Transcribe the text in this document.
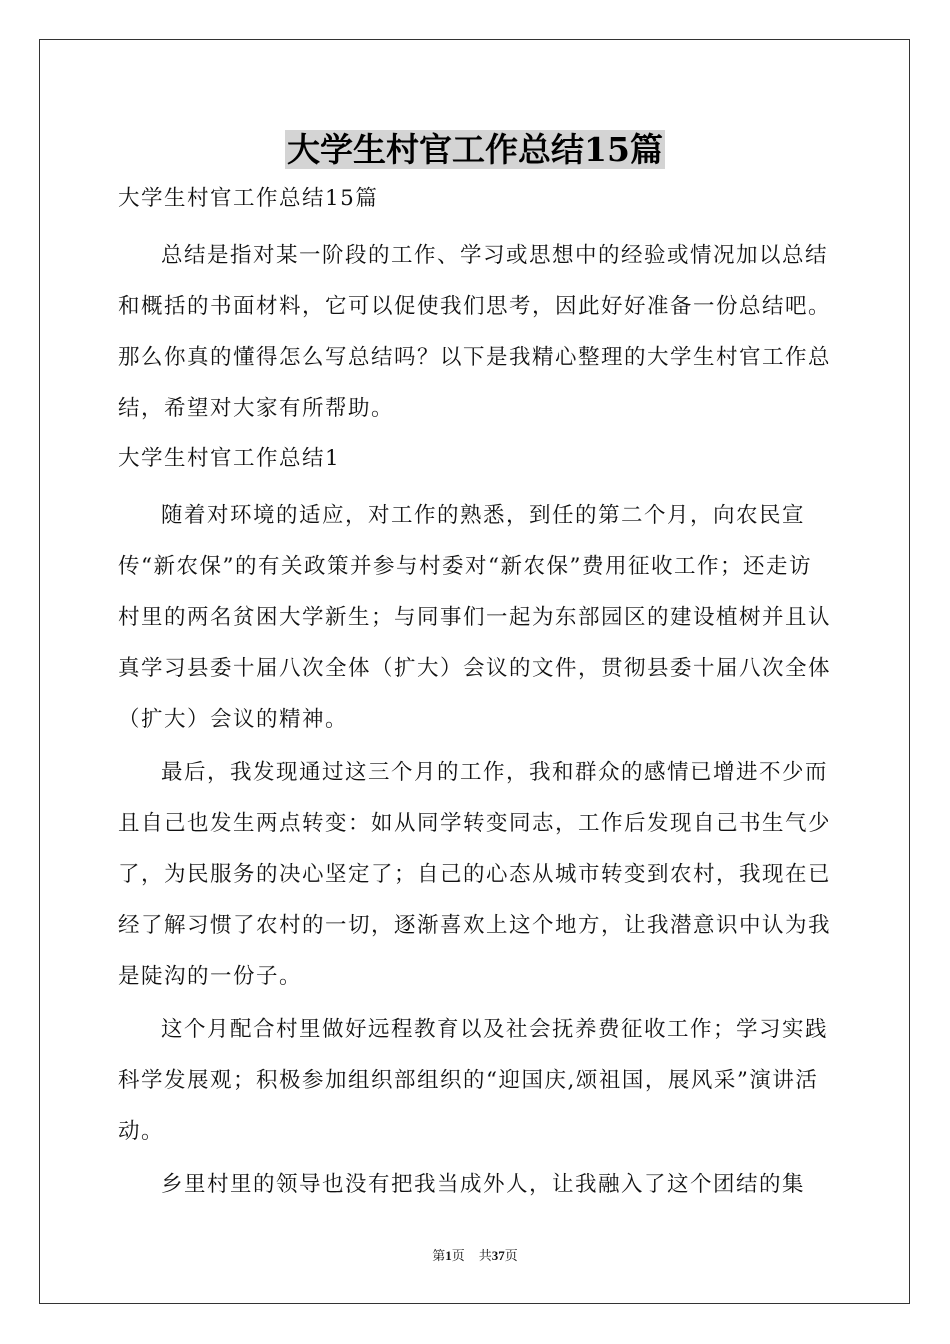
大学生村官工作总结15篇

大学生村官工作总结15篇

总结是指对某一阶段的工作、学习或思想中的经验或情况加以总结和概括的书面材料，它可以促使我们思考，因此好好准备一份总结吧。那么你真的懂得怎么写总结吗？以下是我精心整理的大学生村官工作总结，希望对大家有所帮助。

大学生村官工作总结1

随着对环境的适应，对工作的熟悉，到任的第二个月，向农民宣传“新农保”的有关政策并参与村委对“新农保”费用征收工作；还走访村里的两名贫困大学新生；与同事们一起为东部园区的建设植树并且认真学习县委十届八次全体（扩大）会议的文件，贯彻县委十届八次全体（扩大）会议的精神。

最后，我发现通过这三个月的工作，我和群众的感情已增进不少而且自己也发生两点转变：如从同学转变同志，工作后发现自己书生气少了，为民服务的决心坚定了；自己的心态从城市转变到农村，我现在已经了解习惯了农村的一切，逐渐喜欢上这个地方，让我潜意识中认为我是陡沟的一份子。

这个月配合村里做好远程教育以及社会抚养费征收工作；学习实践科学发展观；积极参加组织部组织的“迎国庆,颂祖国，展风采”演讲活动。

乡里村里的领导也没有把我当成外人，让我融入了这个团结的集

第1页 共37页
